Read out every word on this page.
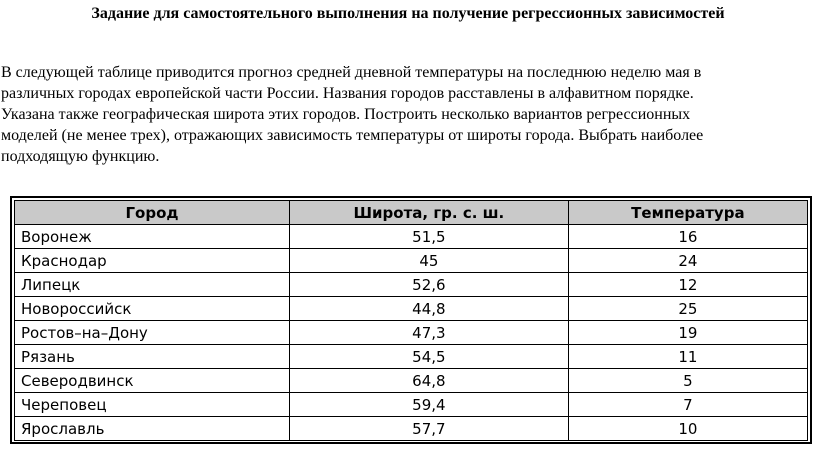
Задание для самостоятельного выполнения на получение регрессионных зависимостей
В следующей таблице приводится прогноз средней дневной температуры на последнюю неделю мая в
различных городах европейской части России. Названия городов расставлены в алфавитном порядке.
Указана также географическая широта этих городов. Построить несколько вариантов регрессионных
моделей (не менее трех), отражающих зависимость температуры от широты города. Выбрать наиболее
подходящую функцию.
Город	Широта, гр. с. ш.	Температура
Воронеж	51,5	16
Краснодар	45	24
Липецк	52,6	12
Новороссийск	44,8	25
Ростов–на–Дону	47,3	19
Рязань	54,5	11
Северодвинск	64,8	5
Череповец	59,4	7
Ярославль	57,7	10
